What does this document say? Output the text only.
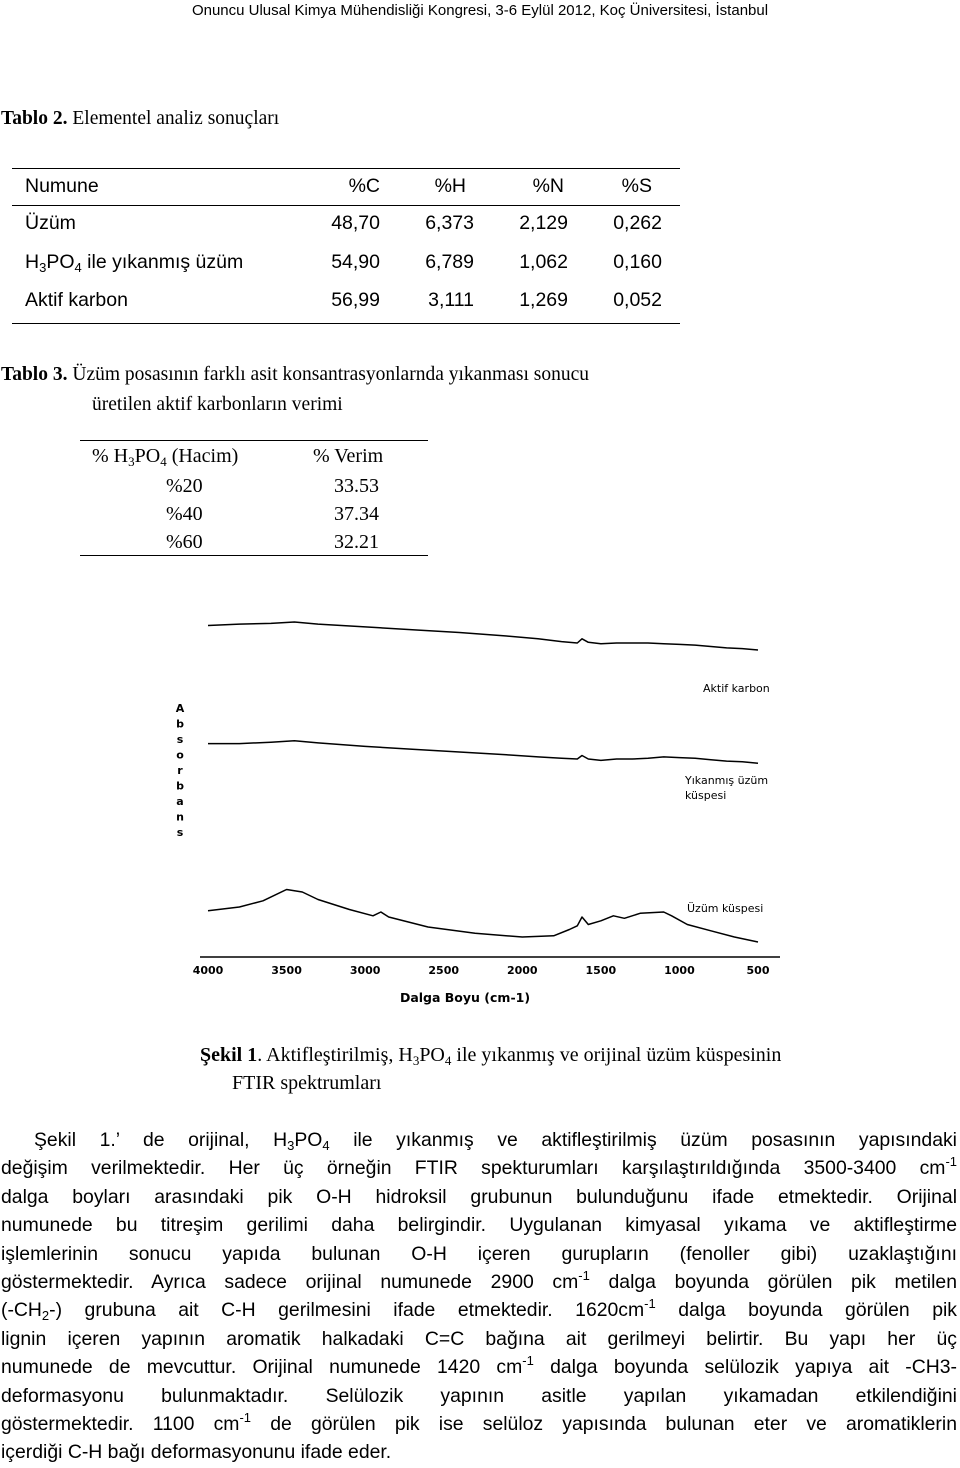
Onuncu Ulusal Kimya Mühendisliği Kongresi, 3-6 Eylül 2012, Koç Üniversitesi, İstanbul
Tablo 2. Elementel analiz sonuçları
Numune	%C	%H	%N	%S
Üzüm	48,70	6,373	2,129	0,262
$H_3PO_4$ ile yıkanmış üzüm	54,90	6,789	1,062	0,160
Aktif karbon	56,99	3,111	1,269	0,052
Tablo 3. Üzüm posasının farklı asit konsantrasyonlarnda yıkanması sonucu
üretilen aktif karbonların verimi
% $H_3PO_4$ (Hacim)	% Verim
%20	33.53
%40	37.34
%60	32.21
A
b
s
o
r
b
a
n
s
4000	3500	3000	2500	2000	1500	1000	500
Aktif karbon
Yıkanmış üzüm
küspesi
Üzüm küspesi
Dalga Boyu (cm-1)
Şekil 1. Aktifleştirilmiş, $H_3PO_4$ ile yıkanmış ve orijinal üzüm küspesinin
FTIR spektrumları
Şekil 1.’ de orijinal, $H_3PO_4$ ile yıkanmış ve aktifleştirilmiş üzüm posasının yapısındaki
değişim verilmektedir. Her üç örneğin FTIR spekturumları karşılaştırıldığında 3500-3400 $cm^{-1}$
dalga boyları arasındaki pik O-H hidroksil grubunun bulunduğunu ifade etmektedir. Orijinal
numunede bu titreşim gerilimi daha belirgindir. Uygulanan kimyasal yıkama ve aktifleştirme
işlemlerinin sonucu yapıda bulunan O-H içeren gurupların (fenoller gibi) uzaklaştığını
göstermektedir. Ayrıca sadece orijinal numunede 2900 $cm^{-1}$ dalga boyunda görülen pik metilen
$(-CH_2-)$ grubuna ait C-H gerilmesini ifade etmektedir. $1620cm^{-1}$ dalga boyunda görülen pik
lignin içeren yapının aromatik halkadaki C=C bağına ait gerilmeyi belirtir. Bu yapı her üç
numunede de mevcuttur. Orijinal numunede 1420 $cm^{-1}$ dalga boyunda selülozik yapıya ait -CH3-
deformasyonu bulunmaktadır. Selülozik yapının asitle yapılan yıkamadan etkilendiğini
göstermektedir. 1100 $cm^{-1}$ de görülen pik ise selüloz yapısında bulunan eter ve aromatiklerin
içerdiği C-H bağı deformasyonunu ifade eder.
